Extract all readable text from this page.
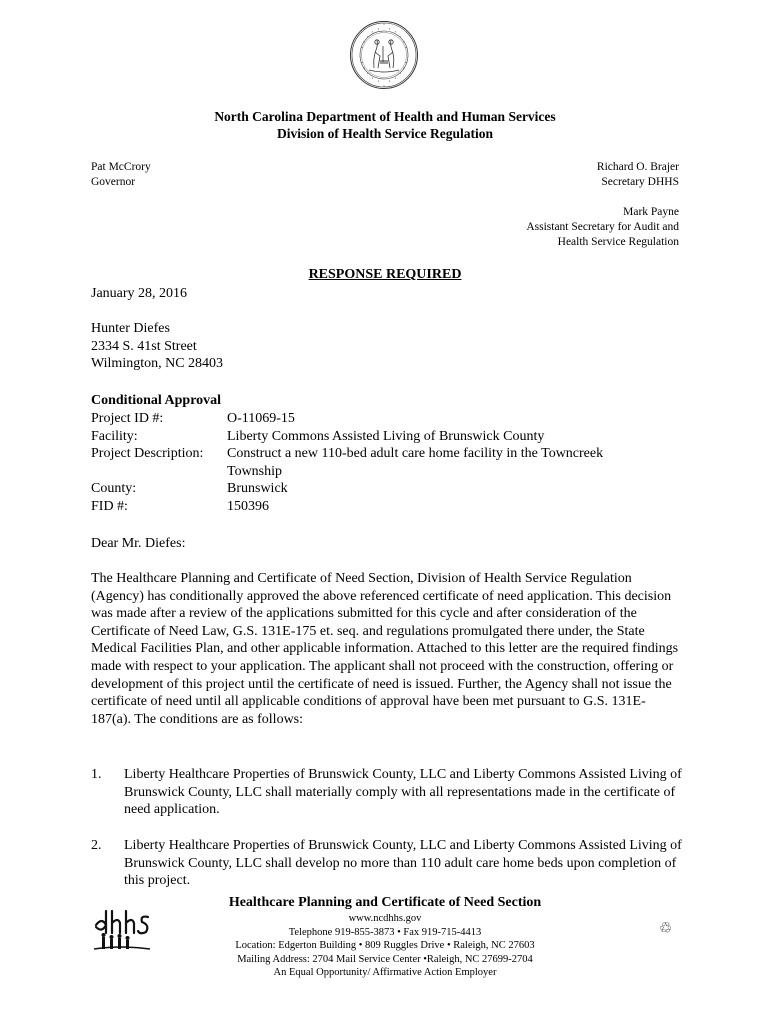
North Carolina Department of Health and Human Services
Division of Health Service Regulation
Pat McCrory
Governor
Richard O. Brajer
Secretary DHHS
Mark Payne
Assistant Secretary for Audit and
Health Service Regulation
RESPONSE REQUIRED
January 28, 2016
Hunter Diefes
2334 S. 41st Street
Wilmington, NC 28403
Conditional Approval
Project ID #:	O-11069-15
Facility:	Liberty Commons Assisted Living of Brunswick County
Project Description:	Construct a new 110-bed adult care home facility in the Towncreek Township
County:	Brunswick
FID #:	150396
Dear Mr. Diefes:
The Healthcare Planning and Certificate of Need Section, Division of Health Service Regulation (Agency) has conditionally approved the above referenced certificate of need application. This decision was made after a review of the applications submitted for this cycle and after consideration of the Certificate of Need Law, G.S. 131E-175 et. seq. and regulations promulgated there under, the State Medical Facilities Plan, and other applicable information. Attached to this letter are the required findings made with respect to your application. The applicant shall not proceed with the construction, offering or development of this project until the certificate of need is issued. Further, the Agency shall not issue the certificate of need until all applicable conditions of approval have been met pursuant to G.S. 131E-187(a). The conditions are as follows:
1.	Liberty Healthcare Properties of Brunswick County, LLC and Liberty Commons Assisted Living of Brunswick County, LLC shall materially comply with all representations made in the certificate of need application.
2.	Liberty Healthcare Properties of Brunswick County, LLC and Liberty Commons Assisted Living of Brunswick County, LLC shall develop no more than 110 adult care home beds upon completion of this project.
Healthcare Planning and Certificate of Need Section
www.ncdhhs.gov
Telephone 919-855-3873 • Fax 919-715-4413
Location: Edgerton Building • 809 Ruggles Drive • Raleigh, NC 27603
Mailing Address: 2704 Mail Service Center •Raleigh, NC 27699-2704
An Equal Opportunity/ Affirmative Action Employer
♲
